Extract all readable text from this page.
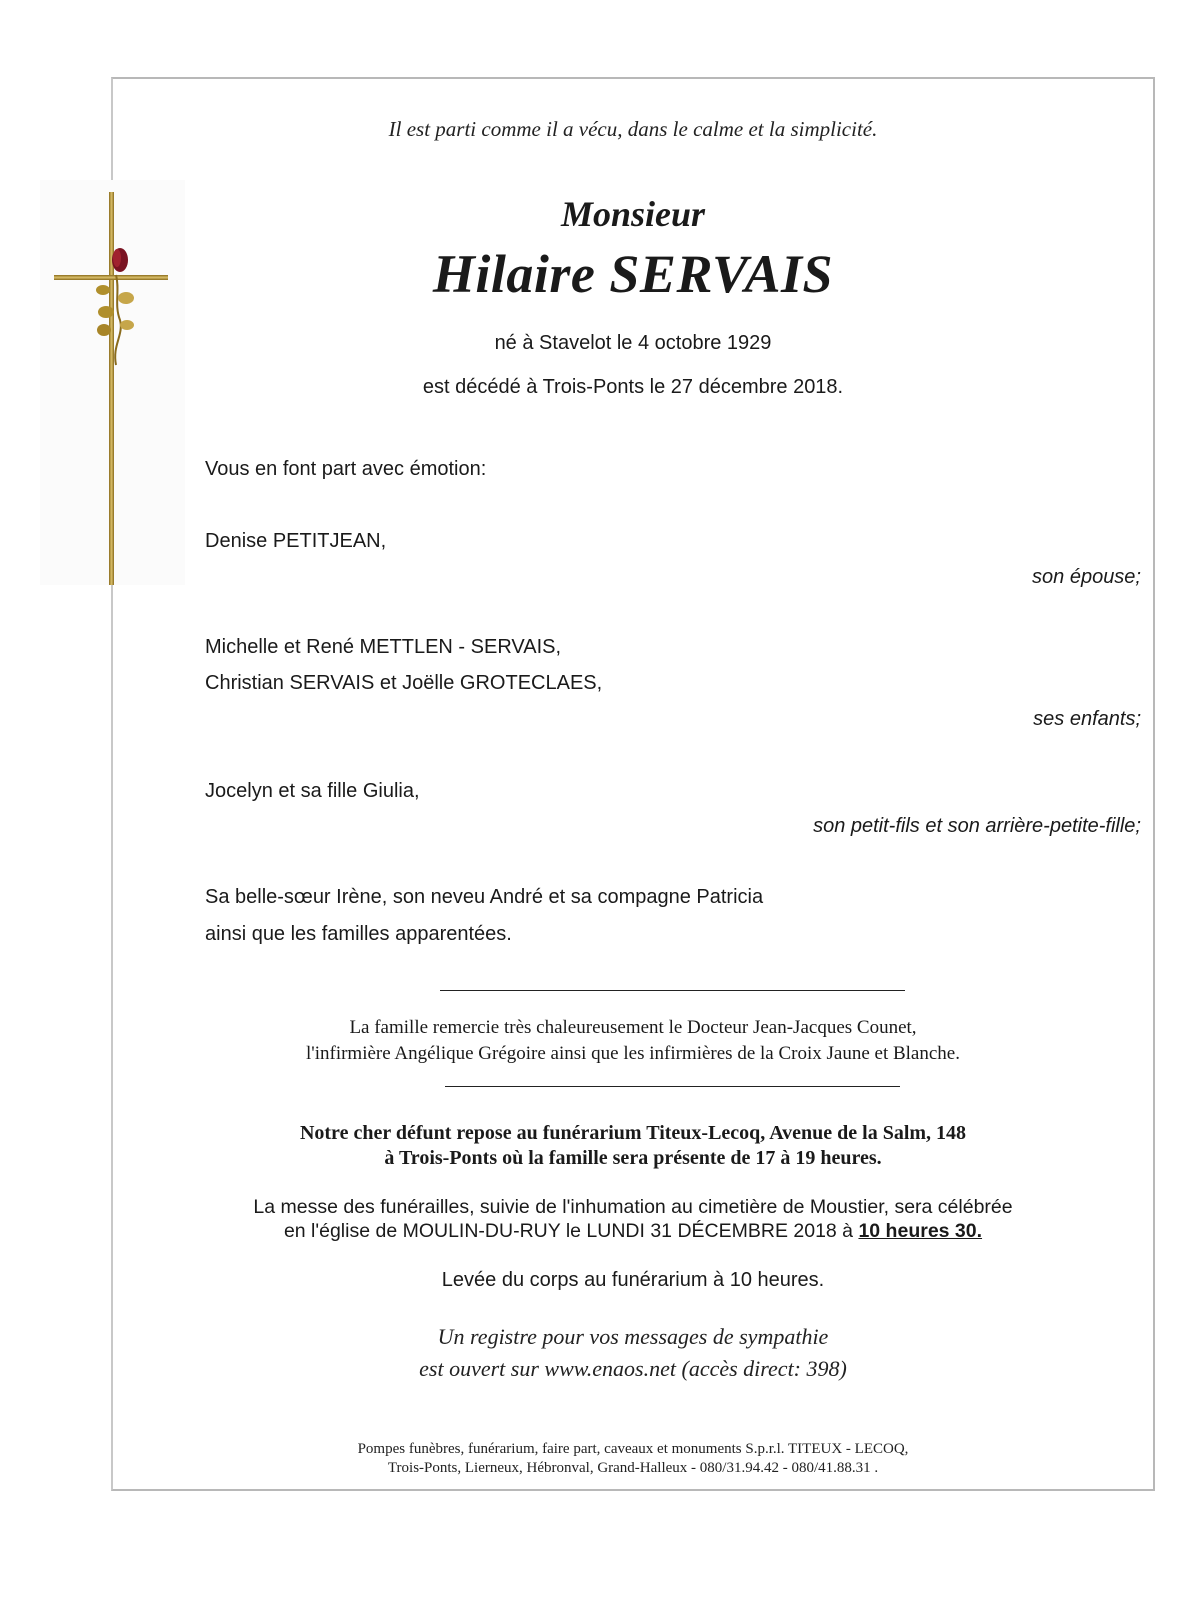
Il est parti comme il a vécu, dans le calme et la simplicité.

Monsieur

Hilaire SERVAIS

né à Stavelot le 4 octobre 1929

est décédé à Trois-Ponts le 27 décembre 2018.

Vous en font part avec émotion:

Denise PETITJEAN,

son épouse;

Michelle et René METTLEN - SERVAIS,

Christian SERVAIS et Joëlle GROTECLAES,

ses enfants;

Jocelyn et sa fille Giulia,

son petit-fils et son arrière-petite-fille;

Sa belle-sœur Irène, son neveu André et sa compagne Patricia

ainsi que les familles apparentées.

La famille remercie très chaleureusement le Docteur Jean-Jacques Counet,

l'infirmière Angélique Grégoire ainsi que les infirmières de la Croix Jaune et Blanche.

Notre cher défunt repose au funérarium Titeux-Lecoq, Avenue de la Salm, 148

à Trois-Ponts où la famille sera présente de 17 à 19 heures.

La messe des funérailles, suivie de l'inhumation au cimetière de Moustier, sera célébrée

en l'église de MOULIN-DU-RUY le LUNDI 31 DÉCEMBRE 2018 à 10 heures 30.

Levée du corps au funérarium à 10 heures.

Un registre pour vos messages de sympathie

est ouvert sur www.enaos.net (accès direct: 398)

Pompes funèbres, funérarium, faire part, caveaux et monuments S.p.r.l. TITEUX - LECOQ,

Trois-Ponts, Lierneux, Hébronval, Grand-Halleux - 080/31.94.42 - 080/41.88.31 .
